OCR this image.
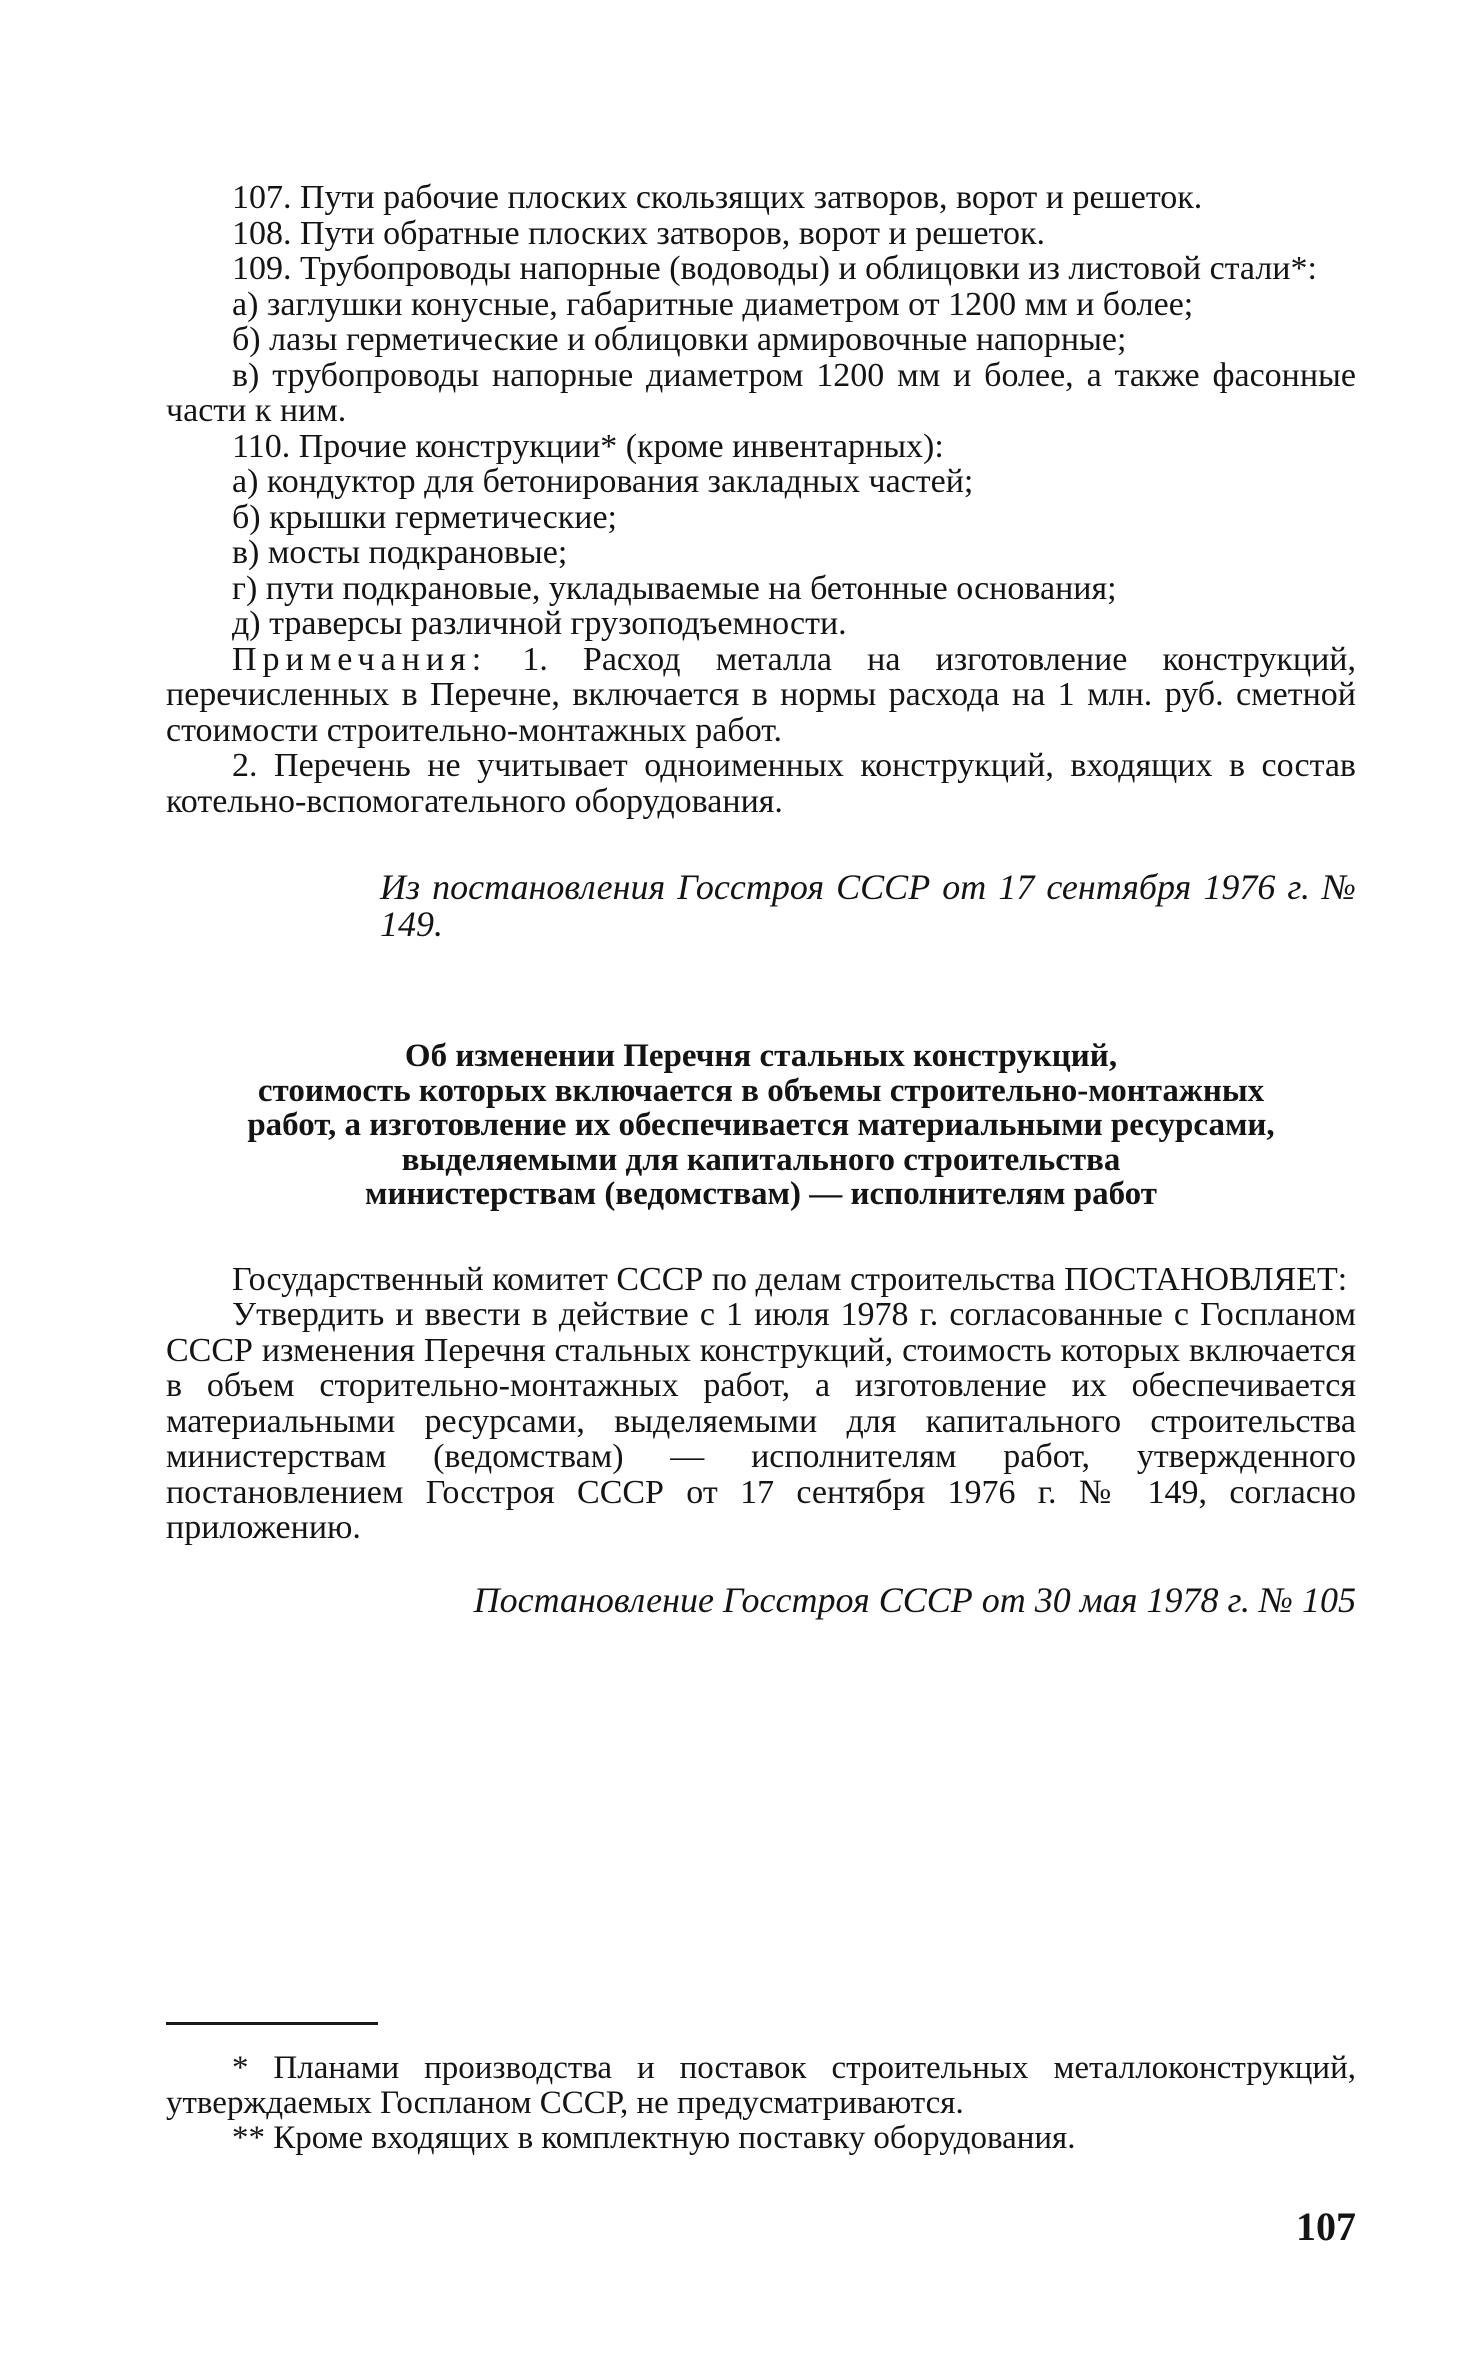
107. Пути рабочие плоских скользящих затворов, ворот и решеток.

108. Пути обратные плоских затворов, ворот и решеток.

109. Трубопроводы напорные (водоводы) и облицовки из листовой стали*:

а) заглушки конусные, габаритные диаметром от 1200 мм и более;

б) лазы герметические и облицовки армировочные напорные;

в) трубопроводы напорные диаметром 1200 мм и более, а также фасонные части к ним.

110. Прочие конструкции* (кроме инвентарных):

а) кондуктор для бетонирования закладных частей;

б) крышки герметические;

в) мосты подкрановые;

г) пути подкрановые, укладываемые на бетонные основания;

д) траверсы различной грузоподъемности.

Примечания: 1. Расход металла на изготовление конструкций, перечисленных в Перечне, включается в нормы расхода на 1 млн. руб. сметной стоимости строительно-монтажных работ.

2. Перечень не учитывает одноименных конструкций, входящих в состав котельно-вспомогательного оборудования.

Из постановления Госстроя СССР от 17 сентября 1976 г. № 149.

Об изменении Перечня стальных конструкций,
стоимость которых включается в объемы строительно-монтажных
работ, а изготовление их обеспечивается материальными ресурсами,
выделяемыми для капитального строительства
министерствам (ведомствам) — исполнителям работ

Государственный комитет СССР по делам строительства ПОСТАНОВЛЯЕТ:

Утвердить и ввести в действие с 1 июля 1978 г. согласованные с Госпланом СССР изменения Перечня стальных конструкций, стоимость которых включается в объем сторительно-монтажных работ, а изготовление их обеспечивается материальными ресурсами, выделяемыми для капитального строительства министерствам (ведомствам) — исполнителям работ, утвержденного постановлением Госстроя СССР от 17 сентября 1976 г. № 149, согласно приложению.

Постановление Госстроя СССР от 30 мая 1978 г. № 105

* Планами производства и поставок строительных металлоконструкций, утверждаемых Госпланом СССР, не предусматриваются.

** Кроме входящих в комплектную поставку оборудования.

107
